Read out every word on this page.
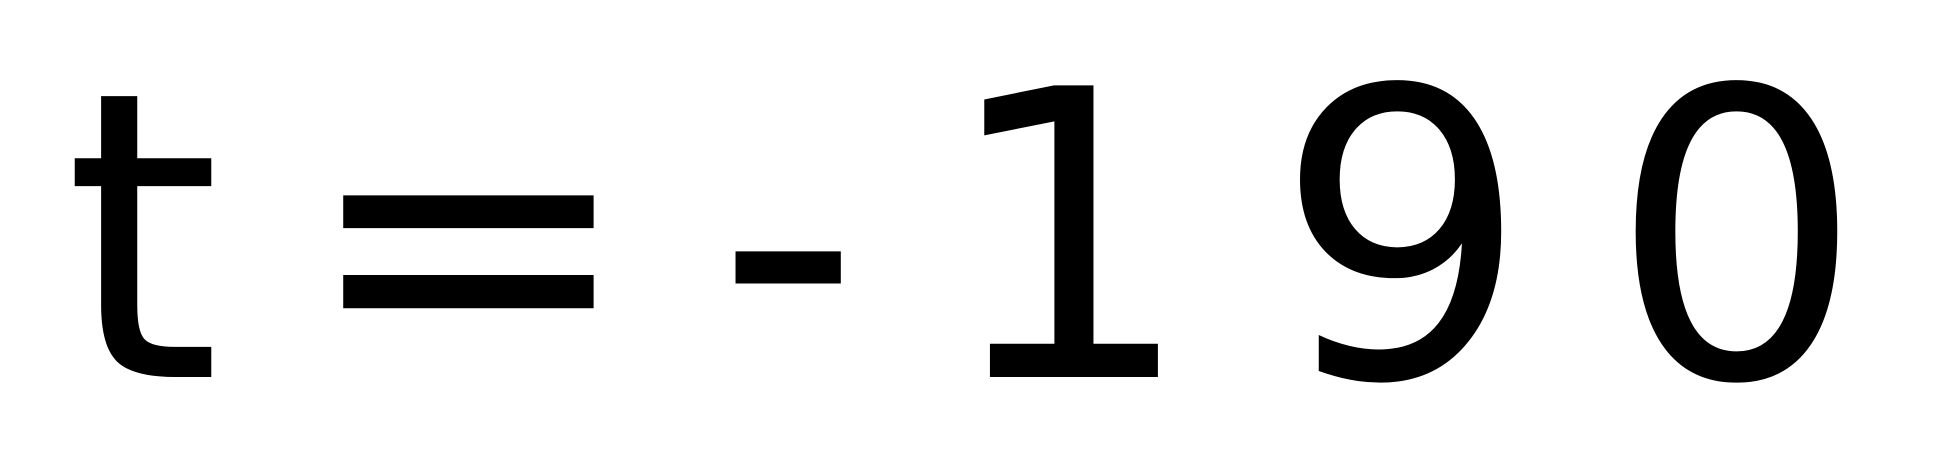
t=-190
